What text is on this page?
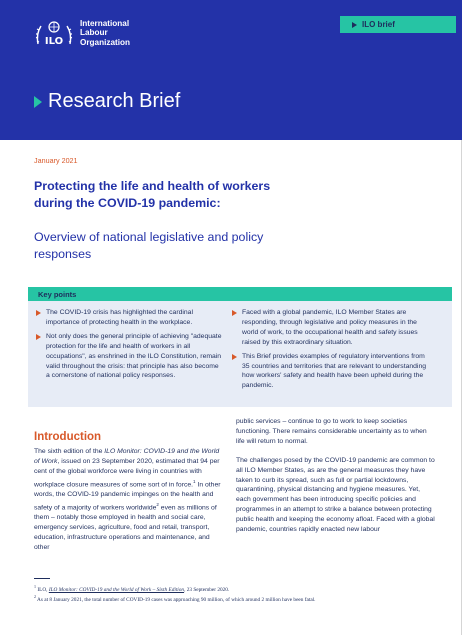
ILO
International
Labour
Organization
ILO brief
Research Brief
January 2021
Protecting the life and health of workers during the COVID-19 pandemic:
Overview of national legislative and policy responses
Key points
The COVID-19 crisis has highlighted the cardinal importance of protecting health in the workplace.
Not only does the general principle of achieving "adequate protection for the life and health of workers in all occupations", as enshrined in the ILO Constitution, remain valid throughout the crisis: that principle has also become a cornerstone of national policy responses.
Faced with a global pandemic, ILO Member States are responding, through legislative and policy measures in the world of work, to the occupational health and safety issues raised by this extraordinary situation.
This Brief provides examples of regulatory interventions from 35 countries and territories that are relevant to understanding how workers' safety and health have been upheld during the pandemic.
Introduction

The sixth edition of the ILO Monitor: COVID-19 and the World of Work, issued on 23 September 2020, estimated that 94 per cent of the global workforce were living in countries with workplace closure measures of some sort of in force.$^1$ In other words, the COVID-19 pandemic impinges on the health and safety of a majority of workers worldwide$^2$ even as millions of them – notably those employed in health and social care, emergency services, agriculture, food and retail, transport, education, infrastructure operations and maintenance, and other

public services – continue to go to work to keep societies functioning. There remains considerable uncertainty as to when life will return to normal.

The challenges posed by the COVID-19 pandemic are common to all ILO Member States, as are the general measures they have taken to curb its spread, such as full or partial lockdowns, quarantining, physical distancing and hygiene measures. Yet, each government has been introducing specific policies and programmes in an attempt to strike a balance between protecting public health and keeping the economy afloat. Faced with a global pandemic, countries rapidly enacted new labour

$^1$ ILO, ILO Monitor: COVID-19 and the World of Work – Sixth Edition, 23 September 2020.
$^2$ As at 8 January 2021, the total number of COVID-19 cases was approaching 90 million, of which around 2 million have been fatal.
